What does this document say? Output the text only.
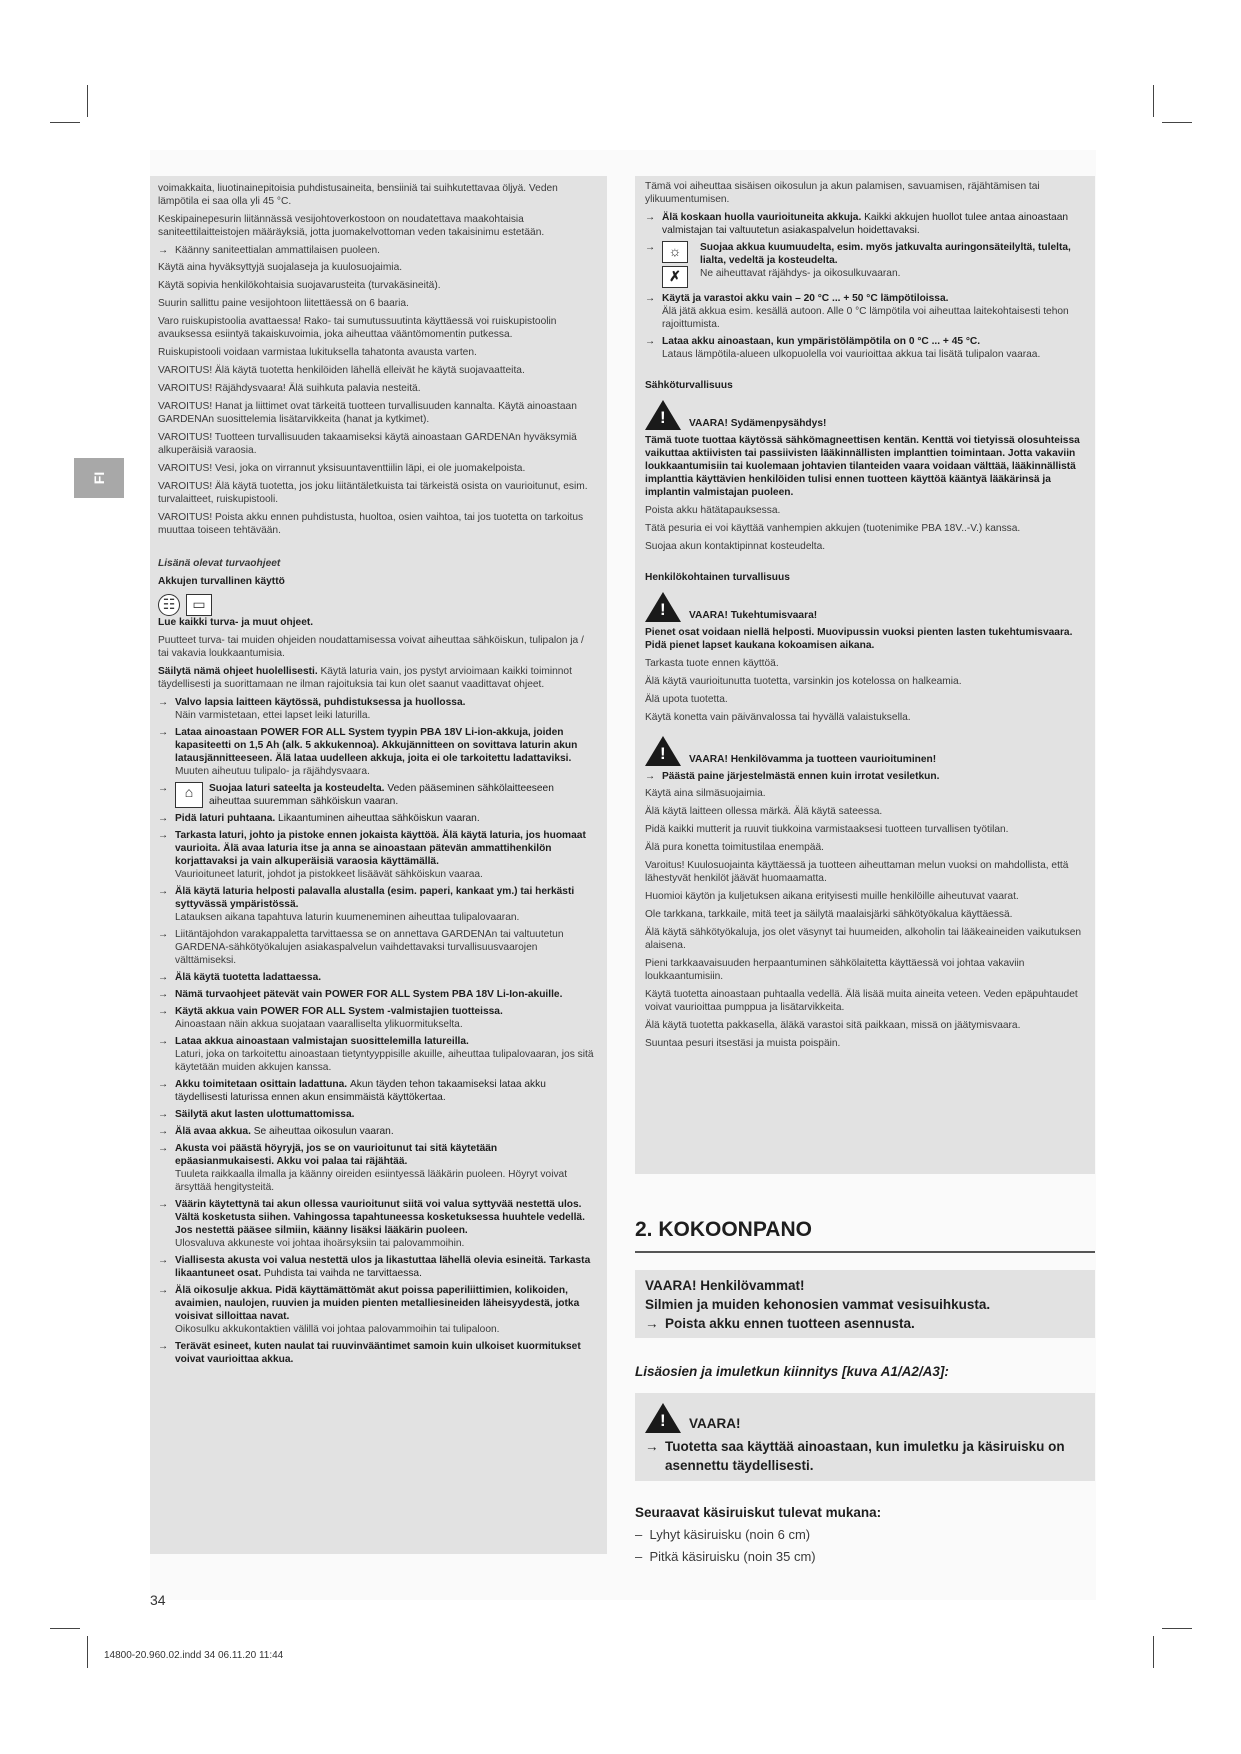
FI

voimakkaita, liuotinainepitoisia puhdistusaineita, bensiiniä tai suihkutettavaa öljyä. Veden lämpötila ei saa olla yli 45 °C.

Keskipainepesurin liitännässä vesijohtoverkostoon on noudatettava maakohtaisia saniteettilaitteistojen määräyksiä, jotta juomakelvottoman veden takaisinimu estetään.

→ Käänny saniteettialan ammattilaisen puoleen.

Käytä aina hyväksyttyjä suojalaseja ja kuulosuojaimia.

Käytä sopivia henkilökohtaisia suojavarusteita (turvakäsineitä).

Suurin sallittu paine vesijohtoon liitettäessä on 6 baaria.

Varo ruiskupistoolia avattaessa! Rako- tai sumutussuutinta käyttäessä voi ruiskupistoolin avauksessa esiintyä takaiskuvoimia, joka aiheuttaa vääntömomentin putkessa.

Ruiskupistooli voidaan varmistaa lukituksella tahatonta avausta varten.

VAROITUS! Älä käytä tuotetta henkilöiden lähellä elleivät he käytä suojavaatteita.

VAROITUS! Räjähdysvaara! Älä suihkuta palavia nesteitä.

VAROITUS! Hanat ja liittimet ovat tärkeitä tuotteen turvallisuuden kannalta. Käytä ainoastaan GARDENAn suosittelemia lisätarvikkeita (hanat ja kytkimet).

VAROITUS! Tuotteen turvallisuuden takaamiseksi käytä ainoastaan GARDENAn hyväksymiä alkuperäisiä varaosia.

VAROITUS! Vesi, joka on virrannut yksisuuntaventtiilin läpi, ei ole juomakelpoista.

VAROITUS! Älä käytä tuotetta, jos joku liitäntäletkuista tai tärkeistä osista on vaurioitunut, esim. turvalaitteet, ruiskupistooli.

VAROITUS! Poista akku ennen puhdistusta, huoltoa, osien vaihtoa, tai jos tuotetta on tarkoitus muuttaa toiseen tehtävään.

Lisänä olevat turvaohjeet

Akkujen turvallinen käyttö

☷	▭

Lue kaikki turva- ja muut ohjeet.

Puutteet turva- tai muiden ohjeiden noudattamisessa voivat aiheuttaa sähköiskun, tulipalon ja / tai vakavia loukkaantumisia.

Säilytä nämä ohjeet huolellisesti. Käytä laturia vain, jos pystyt arvioimaan kaikki toiminnot täydellisesti ja suorittamaan ne ilman rajoituksia tai kun olet saanut vaadittavat ohjeet.

→ Valvo lapsia laitteen käytössä, puhdistuksessa ja huollossa.
Näin varmistetaan, ettei lapset leiki laturilla.
→ Lataa ainoastaan POWER FOR ALL System tyypin PBA 18V Li-ion-akkuja, joiden kapasiteetti on 1,5 Ah (alk. 5 akkukennoa). Akkujännitteen on sovittava laturin akun latausjännitteeseen. Älä lataa uudelleen akkuja, joita ei ole tarkoitettu ladattaviksi.
Muuten aiheutuu tulipalo- ja räjähdysvaara.
→ ⌂	Suojaa laturi sateelta ja kosteudelta. Veden pääseminen sähkölaitteeseen aiheuttaa suuremman sähköiskun vaaran.
→ Pidä laturi puhtaana. Likaantuminen aiheuttaa sähköiskun vaaran.
→ Tarkasta laturi, johto ja pistoke ennen jokaista käyttöä. Älä käytä laturia, jos huomaat vaurioita. Älä avaa laturia itse ja anna se ainoastaan pätevän ammattihenkilön korjattavaksi ja vain alkuperäisiä varaosia käyttämällä.
Vaurioituneet laturit, johdot ja pistokkeet lisäävät sähköiskun vaaraa.
→ Älä käytä laturia helposti palavalla alustalla (esim. paperi, kankaat ym.) tai herkästi syttyvässä ympäristössä.
Latauksen aikana tapahtuva laturin kuumeneminen aiheuttaa tulipalovaaran.
→ Liitäntäjohdon varakappaletta tarvittaessa se on annettava GARDENAn tai valtuutetun GARDENA-sähkötyökalujen asiakaspalvelun vaihdettavaksi turvallisuusvaarojen välttämiseksi.
→ Älä käytä tuotetta ladattaessa.
→ Nämä turvaohjeet pätevät vain POWER FOR ALL System PBA 18V Li-Ion-akuille.
→ Käytä akkua vain POWER FOR ALL System -valmistajien tuotteissa.
Ainoastaan näin akkua suojataan vaaralliselta ylikuormitukselta.
→ Lataa akkua ainoastaan valmistajan suosittelemilla latureilla.
Laturi, joka on tarkoitettu ainoastaan tietyntyyppisille akuille, aiheuttaa tulipalovaaran, jos sitä käytetään muiden akkujen kanssa.
→ Akku toimitetaan osittain ladattuna. Akun täyden tehon takaamiseksi lataa akku täydellisesti laturissa ennen akun ensimmäistä käyttökertaa.
→ Säilytä akut lasten ulottumattomissa.
→ Älä avaa akkua. Se aiheuttaa oikosulun vaaran.
→ Akusta voi päästä höyryjä, jos se on vaurioitunut tai sitä käytetään epäasianmukaisesti. Akku voi palaa tai räjähtää.
Tuuleta raikkaalla ilmalla ja käänny oireiden esiintyessä lääkärin puoleen. Höyryt voivat ärsyttää hengitysteitä.
→ Väärin käytettynä tai akun ollessa vaurioitunut siitä voi valua syttyvää nestettä ulos. Vältä kosketusta siihen. Vahingossa tapahtuneessa kosketuksessa huuhtele vedellä. Jos nestettä pääsee silmiin, käänny lisäksi lääkärin puoleen.
Ulosvaluva akkuneste voi johtaa ihoärsyksiin tai palovammoihin.
→ Viallisesta akusta voi valua nestettä ulos ja likastuttaa lähellä olevia esineitä. Tarkasta likaantuneet osat. Puhdista tai vaihda ne tarvittaessa.
→ Älä oikosulje akkua. Pidä käyttämättömät akut poissa paperiliittimien, kolikoiden, avaimien, naulojen, ruuvien ja muiden pienten metalliesineiden läheisyydestä, jotka voisivat silloittaa navat.
Oikosulku akkukontaktien välillä voi johtaa palovammoihin tai tulipaloon.
→ Terävät esineet, kuten naulat tai ruuvinvääntimet samoin kuin ulkoiset kuormitukset voivat vaurioittaa akkua.

Tämä voi aiheuttaa sisäisen oikosulun ja akun palamisen, savuamisen, räjähtämisen tai ylikuumentumisen.

→ Älä koskaan huolla vaurioituneita akkuja. Kaikki akkujen huollot tulee antaa ainoastaan valmistajan tai valtuutetun asiakaspalvelun hoidettavaksi.
→ ☼
✗
Suojaa akkua kuumuudelta, esim. myös jatkuvalta auringonsäteilyltä, tulelta, lialta, vedeltä ja kosteudelta.
Ne aiheuttavat räjähdys- ja oikosulkuvaaran.
→ Käytä ja varastoi akku vain – 20 °C ... + 50 °C lämpötiloissa.
Älä jätä akkua esim. kesällä autoon. Alle 0 °C lämpötila voi aiheuttaa laitekohtaisesti tehon rajoittumista.
→ Lataa akku ainoastaan, kun ympäristölämpötila on 0 °C ... + 45 °C.
Lataus lämpötila-alueen ulkopuolella voi vaurioittaa akkua tai lisätä tulipalon vaaraa.

Sähköturvallisuus

!
VAARA! Sydämenpysähdys!

Tämä tuote tuottaa käytössä sähkömagneettisen kentän. Kenttä voi tietyissä olosuhteissa vaikuttaa aktiivisten tai passiivisten lääkinnällisten implanttien toimintaan. Jotta vakaviin loukkaantumisiin tai kuolemaan johtavien tilanteiden vaara voidaan välttää, lääkinnällistä implanttia käyttävien henkilöiden tulisi ennen tuotteen käyttöä kääntyä lääkärinsä ja implantin valmistajan puoleen.

Poista akku hätätapauksessa.

Tätä pesuria ei voi käyttää vanhempien akkujen (tuotenimike PBA 18V..-V.) kanssa.

Suojaa akun kontaktipinnat kosteudelta.

Henkilökohtainen turvallisuus

!
VAARA! Tukehtumisvaara!

Pienet osat voidaan niellä helposti. Muovipussin vuoksi pienten lasten tukehtumisvaara. Pidä pienet lapset kaukana kokoamisen aikana.

Tarkasta tuote ennen käyttöä.

Älä käytä vaurioitunutta tuotetta, varsinkin jos kotelossa on halkeamia.

Älä upota tuotetta.

Käytä konetta vain päivänvalossa tai hyvällä valaistuksella.

!
VAARA! Henkilövamma ja tuotteen vaurioituminen!

→ Päästä paine järjestelmästä ennen kuin irrotat vesiletkun.

Käytä aina silmäsuojaimia.

Älä käytä laitteen ollessa märkä. Älä käytä sateessa.

Pidä kaikki mutterit ja ruuvit tiukkoina varmistaaksesi tuotteen turvallisen työtilan.

Älä pura konetta toimitustilaa enempää.

Varoitus! Kuulosuojainta käyttäessä ja tuotteen aiheuttaman melun vuoksi on mahdollista, että lähestyvät henkilöt jäävät huomaamatta.

Huomioi käytön ja kuljetuksen aikana erityisesti muille henkilöille aiheutuvat vaarat.

Ole tarkkana, tarkkaile, mitä teet ja säilytä maalaisjärki sähkötyökalua käyttäessä.

Älä käytä sähkötyökaluja, jos olet väsynyt tai huumeiden, alkoholin tai lääkeaineiden vaikutuksen alaisena.

Pieni tarkkaavaisuuden herpaantuminen sähkölaitetta käyttäessä voi johtaa vakaviin loukkaantumisiin.

Käytä tuotetta ainoastaan puhtaalla vedellä. Älä lisää muita aineita veteen. Veden epäpuhtaudet voivat vaurioittaa pumppua ja lisätarvikkeita.

Älä käytä tuotetta pakkasella, äläkä varastoi sitä paikkaan, missä on jäätymisvaara.

Suuntaa pesuri itsestäsi ja muista poispäin.

2. KOKOONPANO
VAARA! Henkilövammat!
Silmien ja muiden kehonosien vammat vesisuihkusta.
→ Poista akku ennen tuotteen asennusta.
Lisäosien ja imuletkun kiinnitys [kuva A1/A2/A3]:
!
VAARA!
→ Tuotetta saa käyttää ainoastaan, kun imuletku ja käsiruisku on asennettu täydellisesti.
Seuraavat käsiruiskut tulevat mukana:
–  Lyhyt käsiruisku (noin 6 cm)
–  Pitkä käsiruisku (noin 35 cm)
34
14800-20.960.02.indd 34 06.11.20 11:44
